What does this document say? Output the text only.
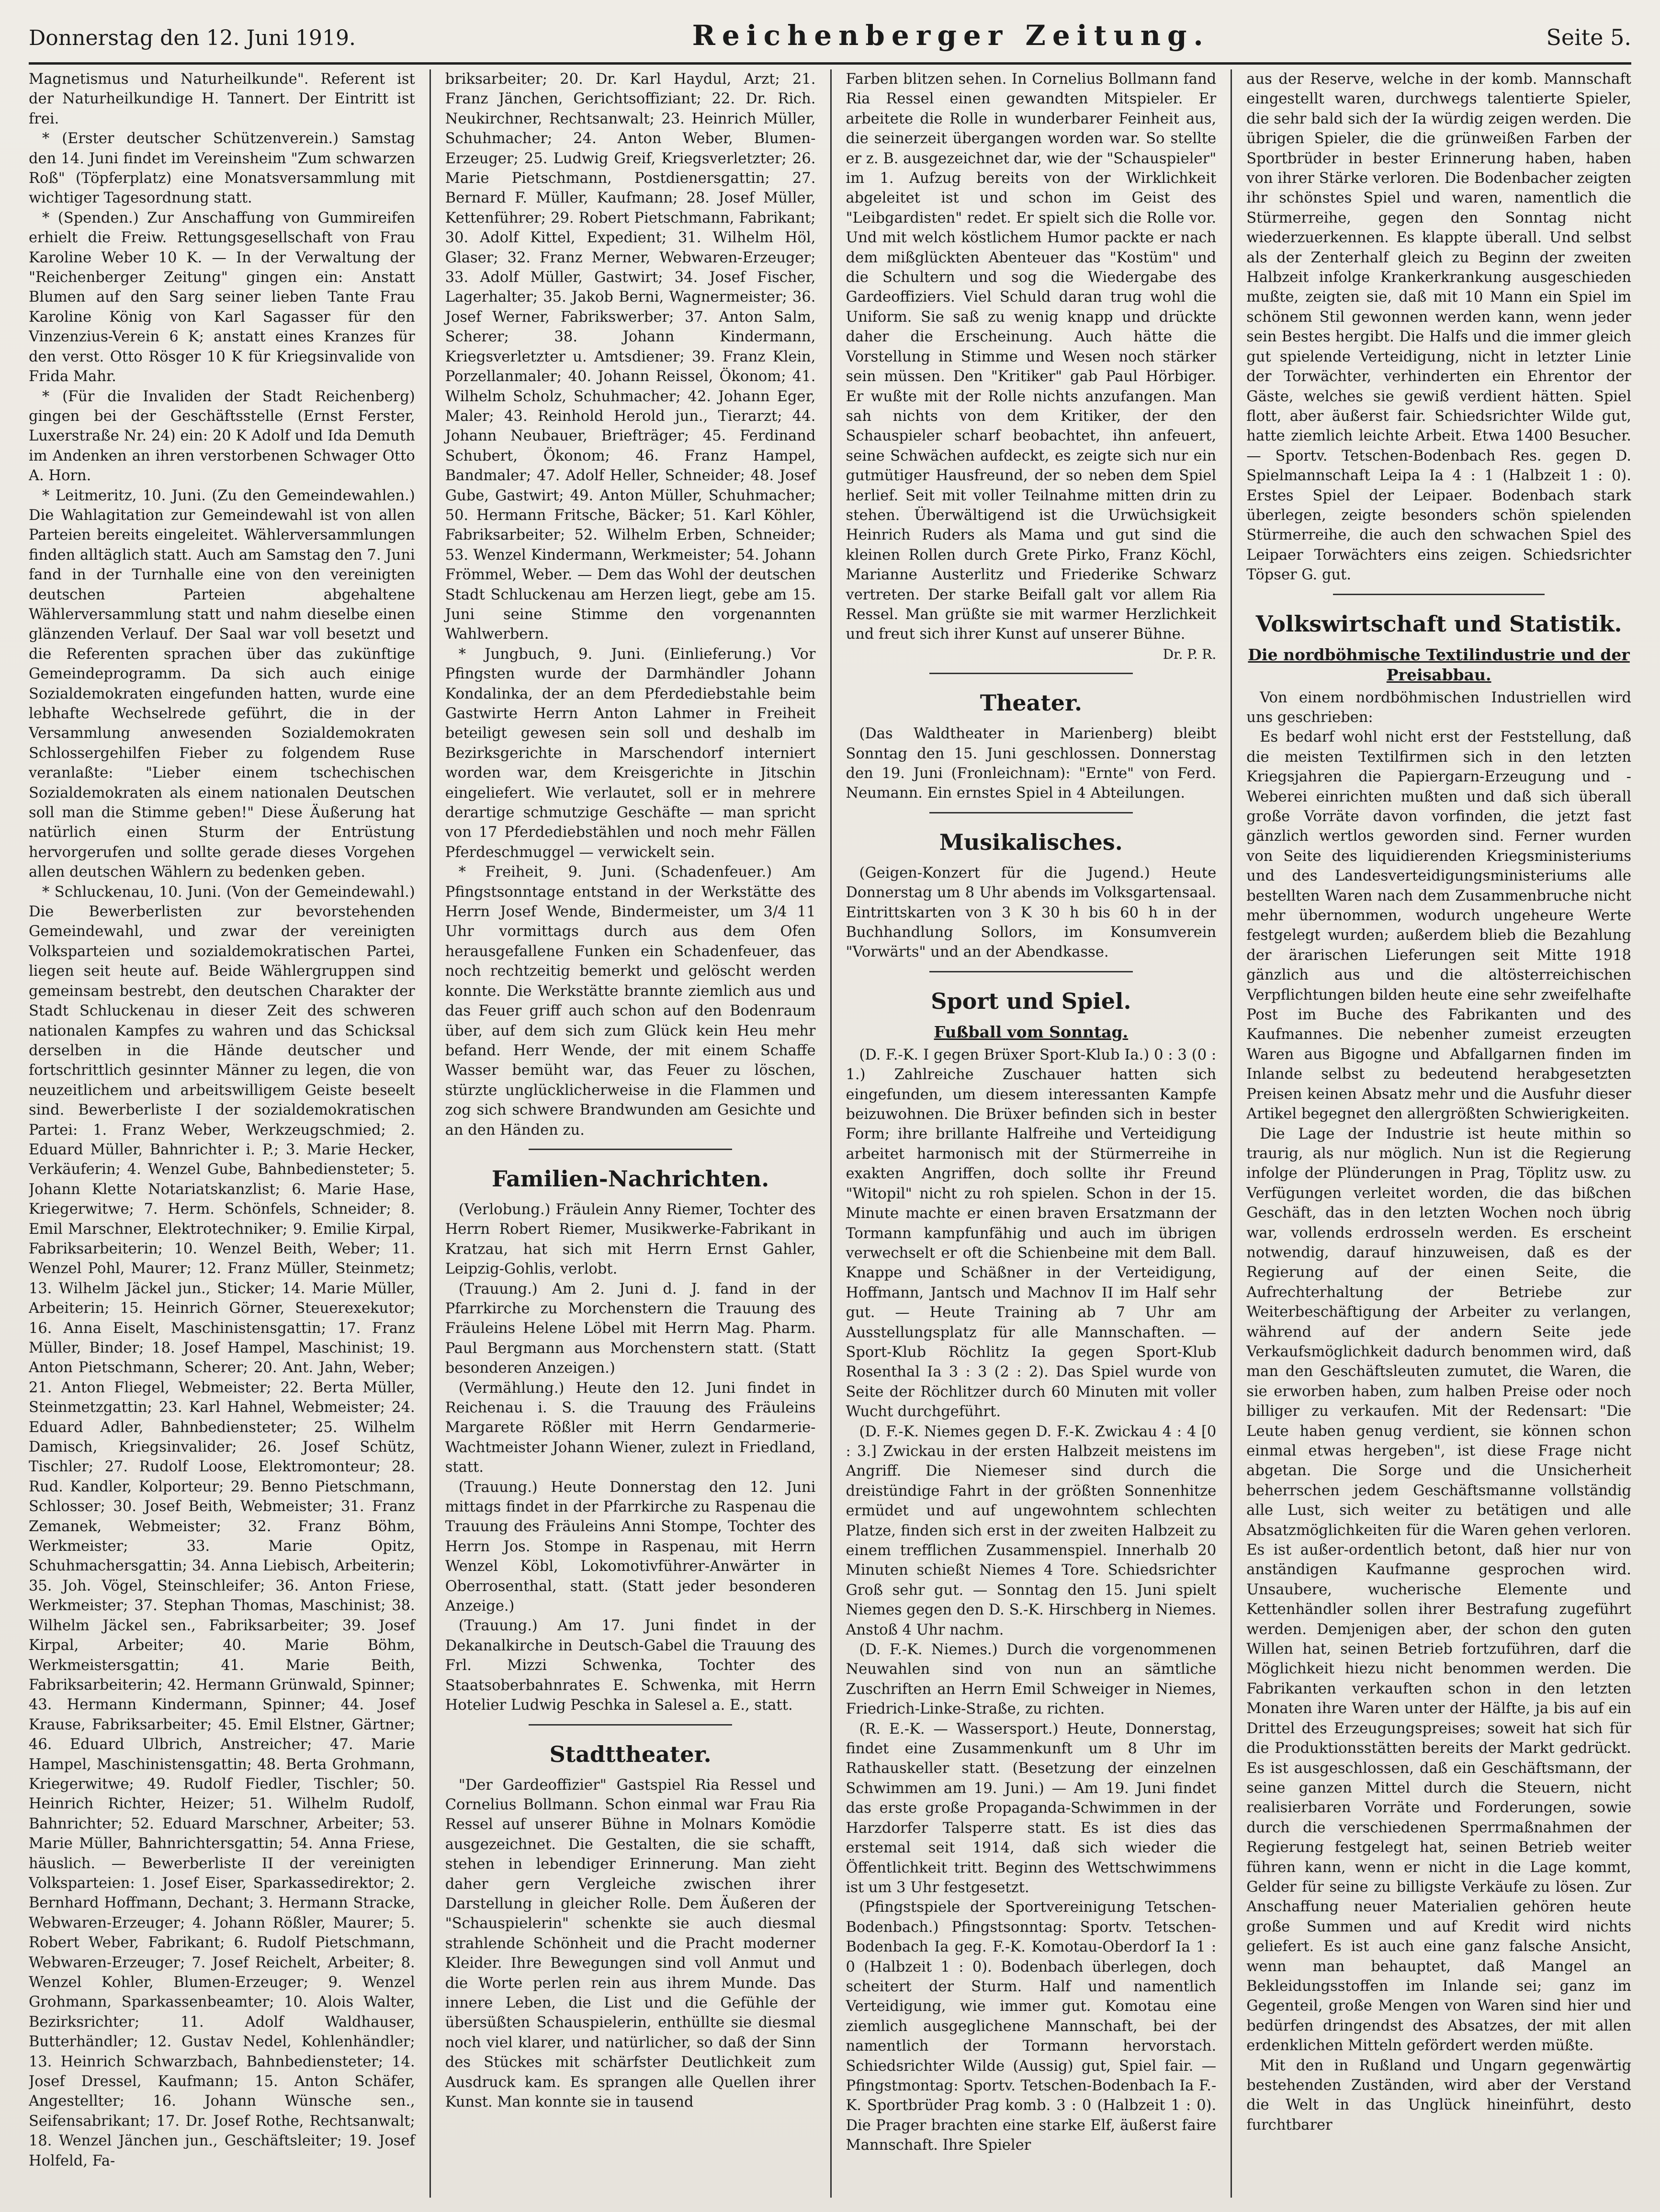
Donnerstag den 12. Juni 1919.	Reichenberger Zeitung.	Seite 5.

Magnetismus und Naturheilkunde". Referent ist der Naturheilkundige H. Tannert. Der Eintritt ist frei.

* (Erster deutscher Schützenverein.) Samstag den 14. Juni findet im Vereinsheim "Zum schwarzen Roß" (Töpferplatz) eine Monatsversammlung mit wichtiger Tagesordnung statt.

* (Spenden.) Zur Anschaffung von Gummireifen erhielt die Freiw. Rettungsgesellschaft von Frau Karoline Weber 10 K. — In der Verwaltung der "Reichenberger Zeitung" gingen ein: Anstatt Blumen auf den Sarg seiner lieben Tante Frau Karoline König von Karl Sagasser für den Vinzenzius-Verein 6 K; anstatt eines Kranzes für den verst. Otto Rösger 10 K für Kriegsinvalide von Frida Mahr.

* (Für die Invaliden der Stadt Reichenberg) gingen bei der Geschäftsstelle (Ernst Ferster, Luxerstraße Nr. 24) ein: 20 K Adolf und Ida Demuth im Andenken an ihren verstorbenen Schwager Otto A. Horn.

* Leitmeritz, 10. Juni. (Zu den Gemeindewahlen.) Die Wahlagitation zur Gemeindewahl ist von allen Parteien bereits eingeleitet. Wählerversammlungen finden alltäglich statt. Auch am Samstag den 7. Juni fand in der Turnhalle eine von den vereinigten deutschen Parteien abgehaltene Wählerversammlung statt und nahm dieselbe einen glänzenden Verlauf. Der Saal war voll besetzt und die Referenten sprachen über das zukünftige Gemeindeprogramm. Da sich auch einige Sozialdemokraten eingefunden hatten, wurde eine lebhafte Wechselrede geführt, die in der Versammlung anwesenden Sozialdemokraten Schlossergehilfen Fieber zu folgendem Ruse veranlaßte: "Lieber einem tschechischen Sozialdemokraten als einem nationalen Deutschen soll man die Stimme geben!" Diese Äußerung hat natürlich einen Sturm der Entrüstung hervorgerufen und sollte gerade dieses Vorgehen allen deutschen Wählern zu bedenken geben.

* Schluckenau, 10. Juni. (Von der Gemeindewahl.) Die Bewerberlisten zur bevorstehenden Gemeindewahl, und zwar der vereinigten Volksparteien und sozialdemokratischen Partei, liegen seit heute auf. Beide Wählergruppen sind gemeinsam bestrebt, den deutschen Charakter der Stadt Schluckenau in dieser Zeit des schweren nationalen Kampfes zu wahren und das Schicksal derselben in die Hände deutscher und fortschrittlich gesinnter Männer zu legen, die von neuzeitlichem und arbeitswilligem Geiste beseelt sind. Bewerberliste I der sozialdemokratischen Partei: 1. Franz Weber, Werkzeugschmied; 2. Eduard Müller, Bahnrichter i. P.; 3. Marie Hecker, Verkäuferin; 4. Wenzel Gube, Bahnbediensteter; 5. Johann Klette Notariatskanzlist; 6. Marie Hase, Kriegerwitwe; 7. Herm. Schönfels, Schneider; 8. Emil Marschner, Elektrotechniker; 9. Emilie Kirpal, Fabriksarbeiterin; 10. Wenzel Beith, Weber; 11. Wenzel Pohl, Maurer; 12. Franz Müller, Steinmetz; 13. Wilhelm Jäckel jun., Sticker; 14. Marie Müller, Arbeiterin; 15. Heinrich Görner, Steuerexekutor; 16. Anna Eiselt, Maschinistensgattin; 17. Franz Müller, Binder; 18. Josef Hampel, Maschinist; 19. Anton Pietschmann, Scherer; 20. Ant. Jahn, Weber; 21. Anton Fliegel, Webmeister; 22. Berta Müller, Steinmetzgattin; 23. Karl Hahnel, Webmeister; 24. Eduard Adler, Bahnbediensteter; 25. Wilhelm Damisch, Kriegsinvalider; 26. Josef Schütz, Tischler; 27. Rudolf Loose, Elektromonteur; 28. Rud. Kandler, Kolporteur; 29. Benno Pietschmann, Schlosser; 30. Josef Beith, Webmeister; 31. Franz Zemanek, Webmeister; 32. Franz Böhm, Werkmeister; 33. Marie Opitz, Schuhmachersgattin; 34. Anna Liebisch, Arbeiterin; 35. Joh. Vögel, Steinschleifer; 36. Anton Friese, Werkmeister; 37. Stephan Thomas, Maschinist; 38. Wilhelm Jäckel sen., Fabriksarbeiter; 39. Josef Kirpal, Arbeiter; 40. Marie Böhm, Werkmeistersgattin; 41. Marie Beith, Fabriksarbeiterin; 42. Hermann Grünwald, Spinner; 43. Hermann Kindermann, Spinner; 44. Josef Krause, Fabriksarbeiter; 45. Emil Elstner, Gärtner; 46. Eduard Ulbrich, Anstreicher; 47. Marie Hampel, Maschinistensgattin; 48. Berta Grohmann, Kriegerwitwe; 49. Rudolf Fiedler, Tischler; 50. Heinrich Richter, Heizer; 51. Wilhelm Rudolf, Bahnrichter; 52. Eduard Marschner, Arbeiter; 53. Marie Müller, Bahnrichtersgattin; 54. Anna Friese, häuslich. — Bewerberliste II der vereinigten Volksparteien: 1. Josef Eiser, Sparkassedirektor; 2. Bernhard Hoffmann, Dechant; 3. Hermann Stracke, Webwaren-Erzeuger; 4. Johann Rößler, Maurer; 5. Robert Weber, Fabrikant; 6. Rudolf Pietschmann, Webwaren-Erzeuger; 7. Josef Reichelt, Arbeiter; 8. Wenzel Kohler, Blumen-Erzeuger; 9. Wenzel Grohmann, Sparkassenbeamter; 10. Alois Walter, Bezirksrichter; 11. Adolf Waldhauser, Butterhändler; 12. Gustav Nedel, Kohlenhändler; 13. Heinrich Schwarzbach, Bahnbediensteter; 14. Josef Dressel, Kaufmann; 15. Anton Schäfer, Angestellter; 16. Johann Wünsche sen., Seifensabrikant; 17. Dr. Josef Rothe, Rechtsanwalt; 18. Wenzel Jänchen jun., Geschäftsleiter; 19. Josef Holfeld, Fa-

briksarbeiter; 20. Dr. Karl Haydul, Arzt; 21. Franz Jänchen, Gerichtsoffiziant; 22. Dr. Rich. Neukirchner, Rechtsanwalt; 23. Heinrich Müller, Schuhmacher; 24. Anton Weber, Blumen-Erzeuger; 25. Ludwig Greif, Kriegsverletzter; 26. Marie Pietschmann, Postdienersgattin; 27. Bernard F. Müller, Kaufmann; 28. Josef Müller, Kettenführer; 29. Robert Pietschmann, Fabrikant; 30. Adolf Kittel, Expedient; 31. Wilhelm Höl, Glaser; 32. Franz Merner, Webwaren-Erzeuger; 33. Adolf Müller, Gastwirt; 34. Josef Fischer, Lagerhalter; 35. Jakob Berni, Wagnermeister; 36. Josef Werner, Fabrikswerber; 37. Anton Salm, Scherer; 38. Johann Kindermann, Kriegsverletzter u. Amtsdiener; 39. Franz Klein, Porzellanmaler; 40. Johann Reissel, Ökonom; 41. Wilhelm Scholz, Schuhmacher; 42. Johann Eger, Maler; 43. Reinhold Herold jun., Tierarzt; 44. Johann Neubauer, Briefträger; 45. Ferdinand Schubert, Ökonom; 46. Franz Hampel, Bandmaler; 47. Adolf Heller, Schneider; 48. Josef Gube, Gastwirt; 49. Anton Müller, Schuhmacher; 50. Hermann Fritsche, Bäcker; 51. Karl Köhler, Fabriksarbeiter; 52. Wilhelm Erben, Schneider; 53. Wenzel Kindermann, Werkmeister; 54. Johann Frömmel, Weber. — Dem das Wohl der deutschen Stadt Schluckenau am Herzen liegt, gebe am 15. Juni seine Stimme den vorgenannten Wahlwerbern.

* Jungbuch, 9. Juni. (Einlieferung.) Vor Pfingsten wurde der Darmhändler Johann Kondalinka, der an dem Pferdediebstahle beim Gastwirte Herrn Anton Lahmer in Freiheit beteiligt gewesen sein soll und deshalb im Bezirksgerichte in Marschendorf interniert worden war, dem Kreisgerichte in Jitschin eingeliefert. Wie verlautet, soll er in mehrere derartige schmutzige Geschäfte — man spricht von 17 Pferdediebstählen und noch mehr Fällen Pferdeschmuggel — verwickelt sein.

* Freiheit, 9. Juni. (Schadenfeuer.) Am Pfingstsonntage entstand in der Werkstätte des Herrn Josef Wende, Bindermeister, um 3/4 11 Uhr vormittags durch aus dem Ofen herausgefallene Funken ein Schadenfeuer, das noch rechtzeitig bemerkt und gelöscht werden konnte. Die Werkstätte brannte ziemlich aus und das Feuer griff auch schon auf den Bodenraum über, auf dem sich zum Glück kein Heu mehr befand. Herr Wende, der mit einem Schaffe Wasser bemüht war, das Feuer zu löschen, stürzte unglücklicherweise in die Flammen und zog sich schwere Brandwunden am Gesichte und an den Händen zu.

Familien-Nachrichten.

(Verlobung.) Fräulein Anny Riemer, Tochter des Herrn Robert Riemer, Musikwerke-Fabrikant in Kratzau, hat sich mit Herrn Ernst Gahler, Leipzig-Gohlis, verlobt.

(Trauung.) Am 2. Juni d. J. fand in der Pfarrkirche zu Morchenstern die Trauung des Fräuleins Helene Löbel mit Herrn Mag. Pharm. Paul Bergmann aus Morchenstern statt. (Statt besonderen Anzeigen.)

(Vermählung.) Heute den 12. Juni findet in Reichenau i. S. die Trauung des Fräuleins Margarete Rößler mit Herrn Gendarmerie-Wachtmeister Johann Wiener, zulezt in Friedland, statt.

(Trauung.) Heute Donnerstag den 12. Juni mittags findet in der Pfarrkirche zu Raspenau die Trauung des Fräuleins Anni Stompe, Tochter des Herrn Jos. Stompe in Raspenau, mit Herrn Wenzel Köbl, Lokomotivführer-Anwärter in Oberrosenthal, statt. (Statt jeder besonderen Anzeige.)

(Trauung.) Am 17. Juni findet in der Dekanalkirche in Deutsch-Gabel die Trauung des Frl. Mizzi Schwenka, Tochter des Staatsoberbahnrates E. Schwenka, mit Herrn Hotelier Ludwig Peschka in Salesel a. E., statt.

Stadttheater.

"Der Gardeoffizier" Gastspiel Ria Ressel und Cornelius Bollmann. Schon einmal war Frau Ria Ressel auf unserer Bühne in Molnars Komödie ausgezeichnet. Die Gestalten, die sie schafft, stehen in lebendiger Erinnerung. Man zieht daher gern Vergleiche zwischen ihrer Darstellung in gleicher Rolle. Dem Äußeren der "Schauspielerin" schenkte sie auch diesmal strahlende Schönheit und die Pracht moderner Kleider. Ihre Bewegungen sind voll Anmut und die Worte perlen rein aus ihrem Munde. Das innere Leben, die List und die Gefühle der übersüßten Schauspielerin, enthüllte sie diesmal noch viel klarer, und natürlicher, so daß der Sinn des Stückes mit schärfster Deutlichkeit zum Ausdruck kam. Es sprangen alle Quellen ihrer Kunst. Man konnte sie in tausend

Farben blitzen sehen. In Cornelius Bollmann fand Ria Ressel einen gewandten Mitspieler. Er arbeitete die Rolle in wunderbarer Feinheit aus, die seinerzeit übergangen worden war. So stellte er z. B. ausgezeichnet dar, wie der "Schauspieler" im 1. Aufzug bereits von der Wirklichkeit abgeleitet ist und schon im Geist des "Leibgardisten" redet. Er spielt sich die Rolle vor. Und mit welch köstlichem Humor packte er nach dem mißglückten Abenteuer das "Kostüm" und die Schultern und sog die Wiedergabe des Gardeoffiziers. Viel Schuld daran trug wohl die Uniform. Sie saß zu wenig knapp und drückte daher die Erscheinung. Auch hätte die Vorstellung in Stimme und Wesen noch stärker sein müssen. Den "Kritiker" gab Paul Hörbiger. Er wußte mit der Rolle nichts anzufangen. Man sah nichts von dem Kritiker, der den Schauspieler scharf beobachtet, ihn anfeuert, seine Schwächen aufdeckt, es zeigte sich nur ein gutmütiger Hausfreund, der so neben dem Spiel herlief. Seit mit voller Teilnahme mitten drin zu stehen. Überwältigend ist die Urwüchsigkeit Heinrich Ruders als Mama und gut sind die kleinen Rollen durch Grete Pirko, Franz Köchl, Marianne Austerlitz und Friederike Schwarz vertreten. Der starke Beifall galt vor allem Ria Ressel. Man grüßte sie mit warmer Herzlichkeit und freut sich ihrer Kunst auf unserer Bühne.

Dr. P. R.
Theater.

(Das Waldtheater in Marienberg) bleibt Sonntag den 15. Juni geschlossen. Donnerstag den 19. Juni (Fronleichnam): "Ernte" von Ferd. Neumann. Ein ernstes Spiel in 4 Abteilungen.

Musikalisches.

(Geigen-Konzert für die Jugend.) Heute Donnerstag um 8 Uhr abends im Volksgartensaal. Eintrittskarten von 3 K 30 h bis 60 h in der Buchhandlung Sollors, im Konsumverein "Vorwärts" und an der Abendkasse.

Sport und Spiel.
Fußball vom Sonntag.

(D. F.-K. I gegen Brüxer Sport-Klub Ia.) 0 : 3 (0 : 1.) Zahlreiche Zuschauer hatten sich eingefunden, um diesem interessanten Kampfe beizuwohnen. Die Brüxer befinden sich in bester Form; ihre brillante Halfreihe und Verteidigung arbeitet harmonisch mit der Stürmerreihe in exakten Angriffen, doch sollte ihr Freund "Witopil" nicht zu roh spielen. Schon in der 15. Minute machte er einen braven Ersatzmann der Tormann kampfunfähig und auch im übrigen verwechselt er oft die Schienbeine mit dem Ball. Knappe und Schäßner in der Verteidigung, Hoffmann, Jantsch und Machnov II im Half sehr gut. — Heute Training ab 7 Uhr am Ausstellungsplatz für alle Mannschaften. — Sport-Klub Röchlitz Ia gegen Sport-Klub Rosenthal Ia 3 : 3 (2 : 2). Das Spiel wurde von Seite der Röchlitzer durch 60 Minuten mit voller Wucht durchgeführt.

(D. F.-K. Niemes gegen D. F.-K. Zwickau 4 : 4 [0 : 3.] Zwickau in der ersten Halbzeit meistens im Angriff. Die Niemeser sind durch die dreistündige Fahrt in der größten Sonnenhitze ermüdet und auf ungewohntem schlechten Platze, finden sich erst in der zweiten Halbzeit zu einem trefflichen Zusammenspiel. Innerhalb 20 Minuten schießt Niemes 4 Tore. Schiedsrichter Groß sehr gut. — Sonntag den 15. Juni spielt Niemes gegen den D. S.-K. Hirschberg in Niemes. Anstoß 4 Uhr nachm.

(D. F.-K. Niemes.) Durch die vorgenommenen Neuwahlen sind von nun an sämtliche Zuschriften an Herrn Emil Schweiger in Niemes, Friedrich-Linke-Straße, zu richten.

(R. E.-K. — Wassersport.) Heute, Donnerstag, findet eine Zusammenkunft um 8 Uhr im Rathauskeller statt. (Besetzung der einzelnen Schwimmen am 19. Juni.) — Am 19. Juni findet das erste große Propaganda-Schwimmen in der Harzdorfer Talsperre statt. Es ist dies das erstemal seit 1914, daß sich wieder die Öffentlichkeit tritt. Beginn des Wettschwimmens ist um 3 Uhr festgesetzt.

(Pfingstspiele der Sportvereinigung Tetschen-Bodenbach.) Pfingstsonntag: Sportv. Tetschen-Bodenbach Ia geg. F.-K. Komotau-Oberdorf Ia 1 : 0 (Halbzeit 1 : 0). Bodenbach überlegen, doch scheitert der Sturm. Half und namentlich Verteidigung, wie immer gut. Komotau eine ziemlich ausgeglichene Mannschaft, bei der namentlich der Tormann hervorstach. Schiedsrichter Wilde (Aussig) gut, Spiel fair. — Pfingstmontag: Sportv. Tetschen-Bodenbach Ia F.-K. Sportbrüder Prag komb. 3 : 0 (Halbzeit 1 : 0). Die Prager brachten eine starke Elf, äußerst faire Mannschaft. Ihre Spieler

aus der Reserve, welche in der komb. Mannschaft eingestellt waren, durchwegs talentierte Spieler, die sehr bald sich der Ia würdig zeigen werden. Die übrigen Spieler, die die grünweißen Farben der Sportbrüder in bester Erinnerung haben, haben von ihrer Stärke verloren. Die Bodenbacher zeigten ihr schönstes Spiel und waren, namentlich die Stürmerreihe, gegen den Sonntag nicht wiederzuerkennen. Es klappte überall. Und selbst als der Zenterhalf gleich zu Beginn der zweiten Halbzeit infolge Krankerkrankung ausgeschieden mußte, zeigten sie, daß mit 10 Mann ein Spiel im schönem Stil gewonnen werden kann, wenn jeder sein Bestes hergibt. Die Halfs und die immer gleich gut spielende Verteidigung, nicht in letzter Linie der Torwächter, verhinderten ein Ehrentor der Gäste, welches sie gewiß verdient hätten. Spiel flott, aber äußerst fair. Schiedsrichter Wilde gut, hatte ziemlich leichte Arbeit. Etwa 1400 Besucher. — Sportv. Tetschen-Bodenbach Res. gegen D. Spielmannschaft Leipa Ia 4 : 1 (Halbzeit 1 : 0). Erstes Spiel der Leipaer. Bodenbach stark überlegen, zeigte besonders schön spielenden Stürmerreihe, die auch den schwachen Spiel des Leipaer Torwächters eins zeigen. Schiedsrichter Töpser G. gut.

Volkswirtschaft und Statistik.
Die nordböhmische Textilindustrie und der Preisabbau.

Von einem nordböhmischen Industriellen wird uns geschrieben:

Es bedarf wohl nicht erst der Feststellung, daß die meisten Textilfirmen sich in den letzten Kriegsjahren die Papiergarn-Erzeugung und -Weberei einrichten mußten und daß sich überall große Vorräte davon vorfinden, die jetzt fast gänzlich wertlos geworden sind. Ferner wurden von Seite des liquidierenden Kriegsministeriums und des Landesverteidigungsministeriums alle bestellten Waren nach dem Zusammenbruche nicht mehr übernommen, wodurch ungeheure Werte festgelegt wurden; außerdem blieb die Bezahlung der ärarischen Lieferungen seit Mitte 1918 gänzlich aus und die altösterreichischen Verpflichtungen bilden heute eine sehr zweifelhafte Post im Buche des Fabrikanten und des Kaufmannes. Die nebenher zumeist erzeugten Waren aus Bigogne und Abfallgarnen finden im Inlande selbst zu bedeutend herabgesetzten Preisen keinen Absatz mehr und die Ausfuhr dieser Artikel begegnet den allergrößten Schwierigkeiten.

Die Lage der Industrie ist heute mithin so traurig, als nur möglich. Nun ist die Regierung infolge der Plünderungen in Prag, Töplitz usw. zu Verfügungen verleitet worden, die das bißchen Geschäft, das in den letzten Wochen noch übrig war, vollends erdrosseln werden. Es erscheint notwendig, darauf hinzuweisen, daß es der Regierung auf der einen Seite, die Aufrechterhaltung der Betriebe zur Weiterbeschäftigung der Arbeiter zu verlangen, während auf der andern Seite jede Verkaufsmöglichkeit dadurch benommen wird, daß man den Geschäftsleuten zumutet, die Waren, die sie erworben haben, zum halben Preise oder noch billiger zu verkaufen. Mit der Redensart: "Die Leute haben genug verdient, sie können schon einmal etwas hergeben", ist diese Frage nicht abgetan. Die Sorge und die Unsicherheit beherrschen jedem Geschäftsmanne vollständig alle Lust, sich weiter zu betätigen und alle Absatzmöglichkeiten für die Waren gehen verloren. Es ist außer-ordentlich betont, daß hier nur von anständigen Kaufmanne gesprochen wird. Unsaubere, wucherische Elemente und Kettenhändler sollen ihrer Bestrafung zugeführt werden. Demjenigen aber, der schon den guten Willen hat, seinen Betrieb fortzuführen, darf die Möglichkeit hiezu nicht benommen werden. Die Fabrikanten verkauften schon in den letzten Monaten ihre Waren unter der Hälfte, ja bis auf ein Drittel des Erzeugungspreises; soweit hat sich für die Produktionsstätten bereits der Markt gedrückt. Es ist ausgeschlossen, daß ein Geschäftsmann, der seine ganzen Mittel durch die Steuern, nicht realisierbaren Vorräte und Forderungen, sowie durch die verschiedenen Sperrmaßnahmen der Regierung festgelegt hat, seinen Betrieb weiter führen kann, wenn er nicht in die Lage kommt, Gelder für seine zu billigste Verkäufe zu lösen. Zur Anschaffung neuer Materialien gehören heute große Summen und auf Kredit wird nichts geliefert. Es ist auch eine ganz falsche Ansicht, wenn man behauptet, daß Mangel an Bekleidungsstoffen im Inlande sei; ganz im Gegenteil, große Mengen von Waren sind hier und bedürfen dringendst des Absatzes, der mit allen erdenklichen Mitteln gefördert werden müßte.

Mit den in Rußland und Ungarn gegenwärtig bestehenden Zuständen, wird aber der Verstand die Welt in das Unglück hineinführt, desto furchtbarer
